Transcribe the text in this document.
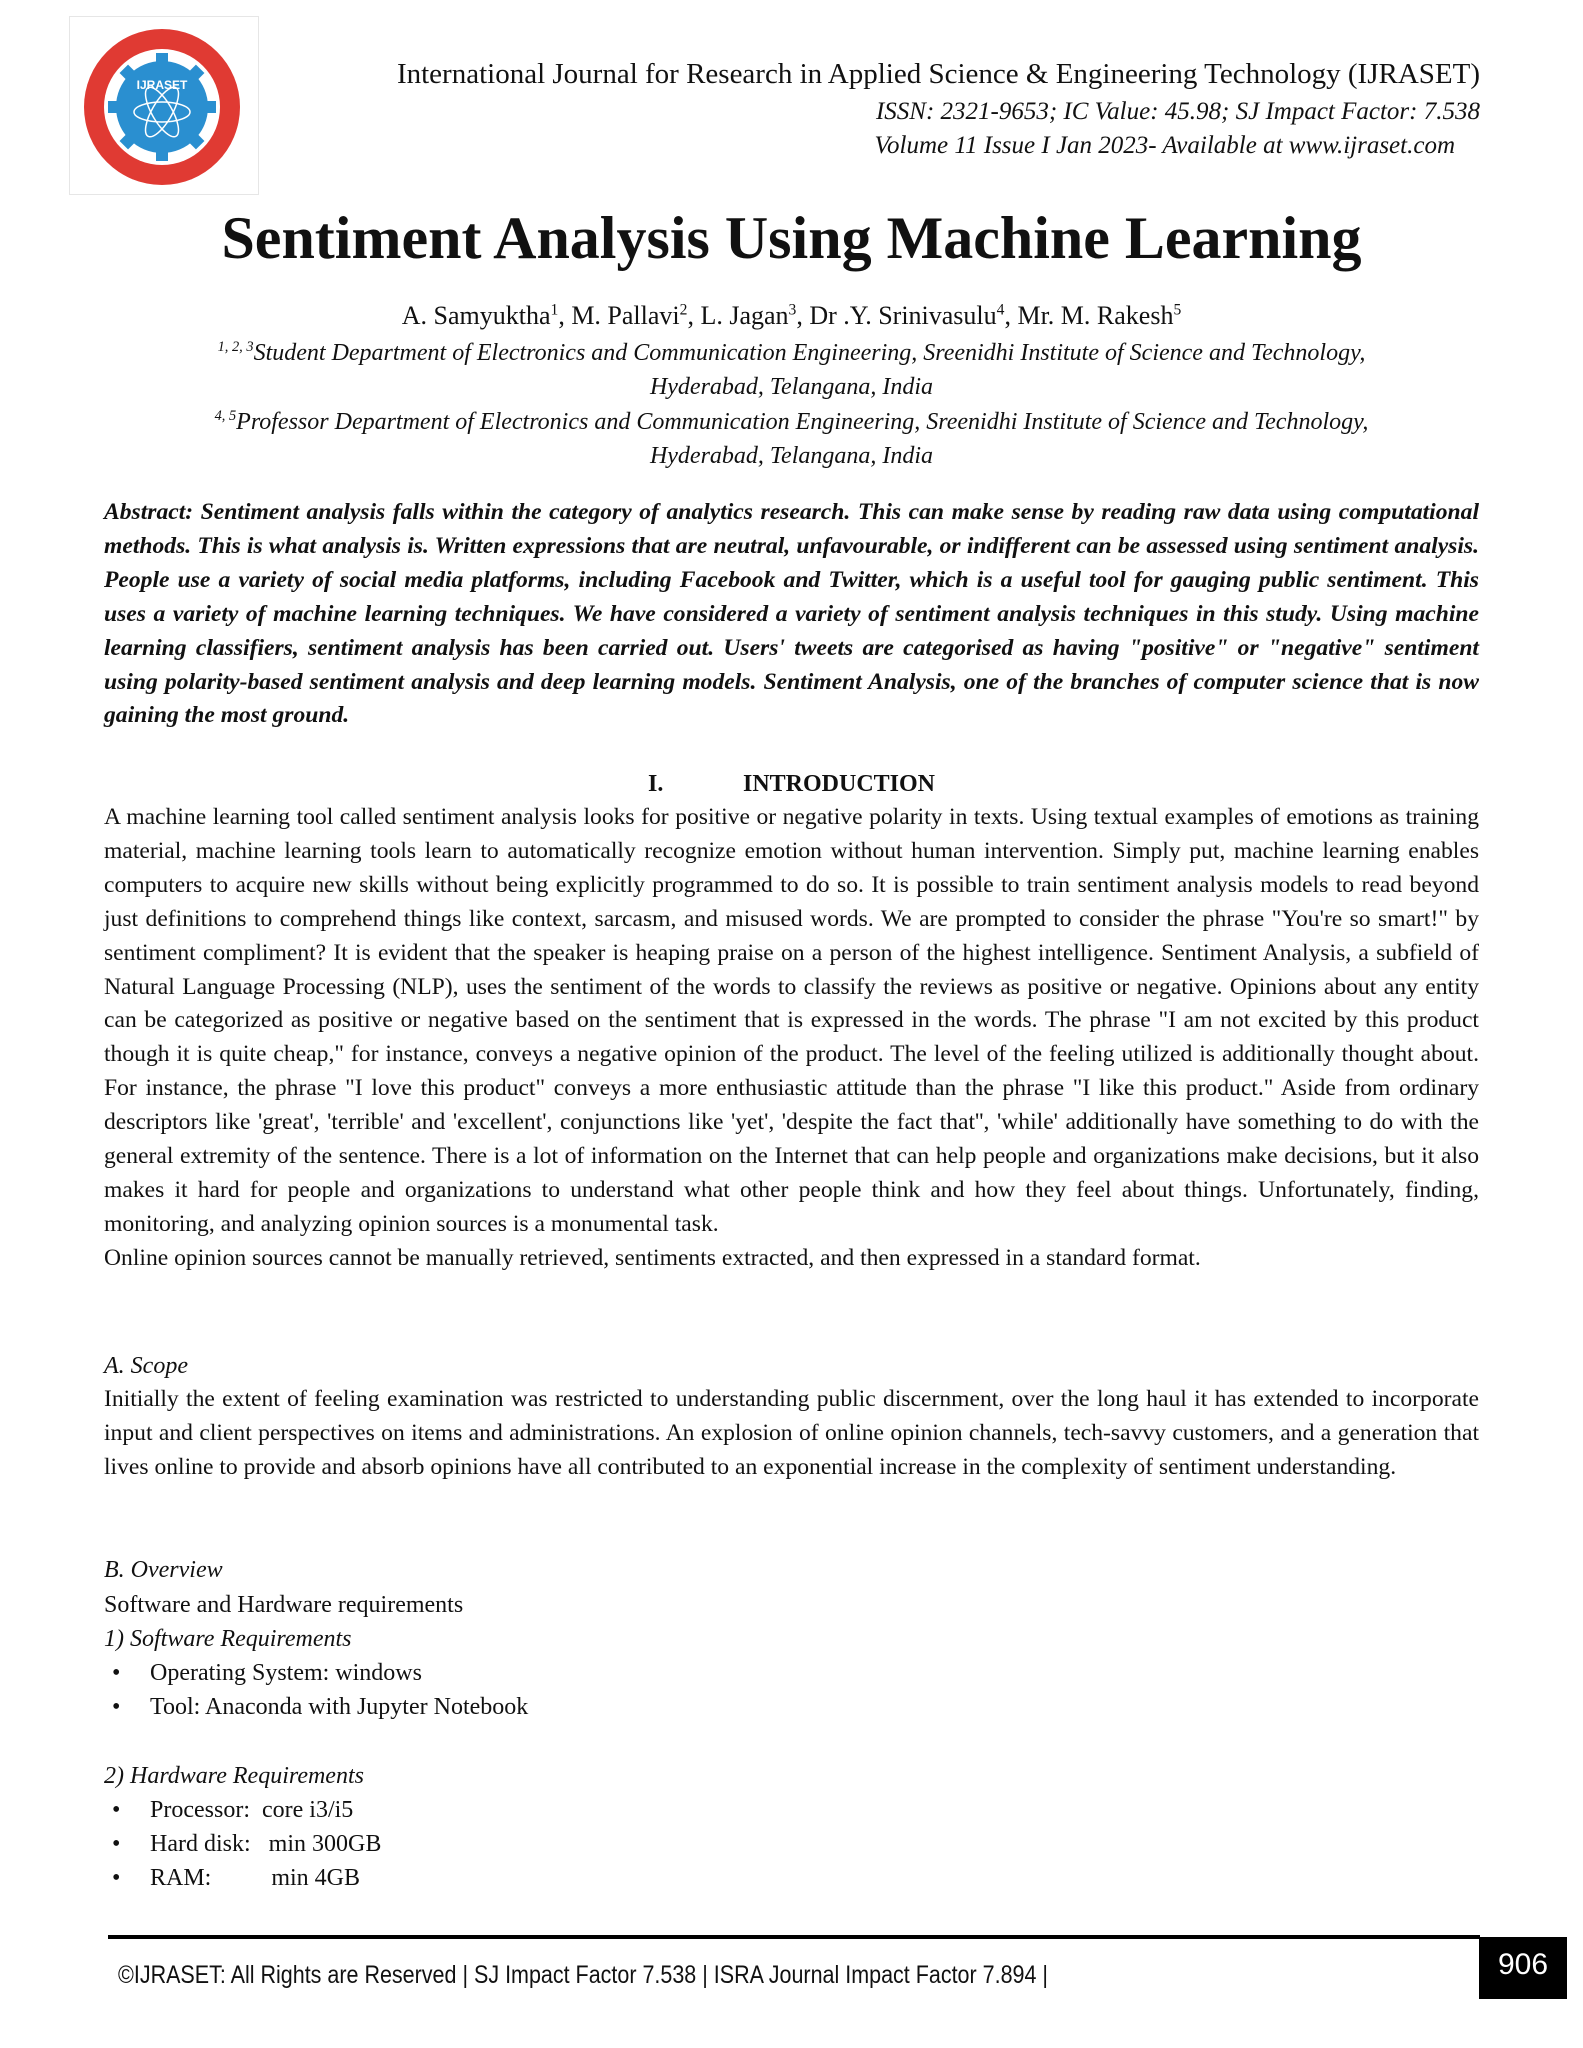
IJRASET	International Journal for Research in Applied Science & Engineering Technology (IJRASET)
ISSN: 2321-9653; IC Value: 45.98; SJ Impact Factor: 7.538
Volume 11 Issue I Jan 2023- Available at www.ijraset.com
Sentiment Analysis Using Machine Learning
A. Samyuktha$^1$, M. Pallavi$^2$, L. Jagan$^3$, Dr .Y. Srinivasulu$^4$, Mr. M. Rakesh$^5$
$^{1, 2, 3}$Student Department of Electronics and Communication Engineering, Sreenidhi Institute of Science and Technology,
Hyderabad, Telangana, India
$^{4, 5}$Professor Department of Electronics and Communication Engineering, Sreenidhi Institute of Science and Technology,
Hyderabad, Telangana, India
Abstract: Sentiment analysis falls within the category of analytics research. This can make sense by reading raw data using computational methods. This is what analysis is. Written expressions that are neutral, unfavourable, or indifferent can be assessed using sentiment analysis. People use a variety of social media platforms, including Facebook and Twitter, which is a useful tool for gauging public sentiment. This uses a variety of machine learning techniques. We have considered a variety of sentiment analysis techniques in this study. Using machine learning classifiers, sentiment analysis has been carried out. Users' tweets are categorised as having "positive" or "negative" sentiment using polarity-based sentiment analysis and deep learning models. Sentiment Analysis, one of the branches of computer science that is now gaining the most ground.
I.	INTRODUCTION
A machine learning tool called sentiment analysis looks for positive or negative polarity in texts. Using textual examples of emotions as training material, machine learning tools learn to automatically recognize emotion without human intervention. Simply put, machine learning enables computers to acquire new skills without being explicitly programmed to do so. It is possible to train sentiment analysis models to read beyond just definitions to comprehend things like context, sarcasm, and misused words. We are prompted to consider the phrase "You're so smart!" by sentiment compliment? It is evident that the speaker is heaping praise on a person of the highest intelligence. Sentiment Analysis, a subfield of Natural Language Processing (NLP), uses the sentiment of the words to classify the reviews as positive or negative. Opinions about any entity can be categorized as positive or negative based on the sentiment that is expressed in the words. The phrase "I am not excited by this product though it is quite cheap," for instance, conveys a negative opinion of the product. The level of the feeling utilized is additionally thought about. For instance, the phrase "I love this product" conveys a more enthusiastic attitude than the phrase "I like this product." Aside from ordinary descriptors like 'great', 'terrible' and 'excellent', conjunctions like 'yet', 'despite the fact that'', 'while' additionally have something to do with the general extremity of the sentence. There is a lot of information on the Internet that can help people and organizations make decisions, but it also makes it hard for people and organizations to understand what other people think and how they feel about things. Unfortunately, finding, monitoring, and analyzing opinion sources is a monumental task.
Online opinion sources cannot be manually retrieved, sentiments extracted, and then expressed in a standard format.
A. Scope
Initially the extent of feeling examination was restricted to understanding public discernment, over the long haul it has extended to incorporate input and client perspectives on items and administrations. An explosion of online opinion channels, tech-savvy customers, and a generation that lives online to provide and absorb opinions have all contributed to an exponential increase in the complexity of sentiment understanding.
B. Overview
Software and Hardware requirements
1) Software Requirements
• Operating System: windows
• Tool: Anaconda with Jupyter Notebook
2) Hardware Requirements
• Processor:  core i3/i5
• Hard disk:   min 300GB
• RAM:          min 4GB
©IJRASET: All Rights are Reserved | SJ Impact Factor 7.538 | ISRA Journal Impact Factor 7.894 |	906
